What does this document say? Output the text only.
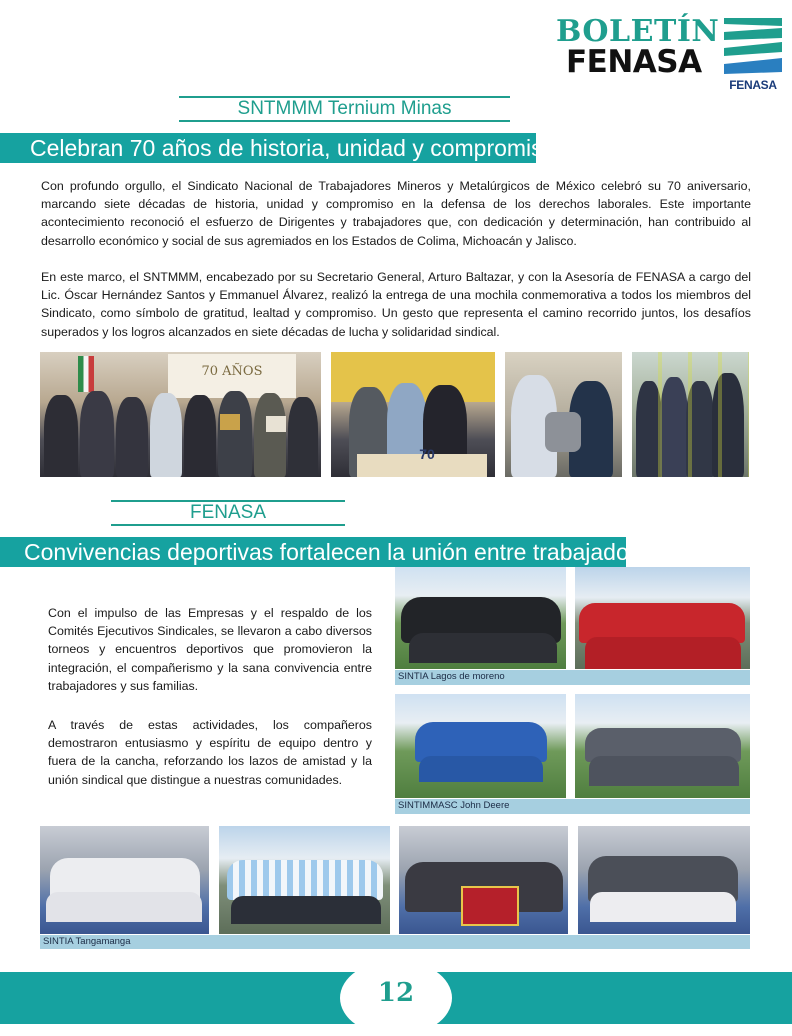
BOLETÍN
FENASA
FENASA
SNTMMM Ternium Minas
Celebran 70 años de historia, unidad y compromiso
Con profundo orgullo, el Sindicato Nacional de Trabajadores Mineros y Metalúrgicos de México celebró su 70 aniversario, marcando siete décadas de historia, unidad y compromiso en la defensa de los derechos laborales. Este importante acontecimiento reconoció el esfuerzo de Dirigentes y trabajadores que, con dedicación y determinación, han contribuido al desarrollo económico y social de sus agremiados en los Estados de Colima, Michoacán y Jalisco.
En este marco, el SNTMMM, encabezado por su Secretario General, Arturo Baltazar, y con la Asesoría de FENASA a cargo del Lic. Óscar Hernández Santos y Emmanuel Álvarez, realizó la entrega de una mochila conmemorativa a todos los miembros del Sindicato, como símbolo de gratitud, lealtad y compromiso. Un gesto que representa el camino recorrido juntos, los desafíos superados y los logros alcanzados en siete décadas de lucha y solidaridad sindical.
70 AÑOS
70
FENASA
Convivencias deportivas fortalecen la unión entre trabajadores
Con el impulso de las Empresas y el respaldo de los Comités Ejecutivos Sindicales, se llevaron a cabo diversos torneos y encuentros deportivos que promovieron la integración, el compañerismo y la sana convivencia entre trabajadores y sus familias.
A través de estas actividades, los compañeros demostraron entusiasmo y espíritu de equipo dentro y fuera de la cancha, reforzando los lazos de amistad y la unión sindical que distingue a nuestras comunidades.
SINTIA Lagos de moreno
SINTIMMASC John Deere
SINTIA Tangamanga
12
